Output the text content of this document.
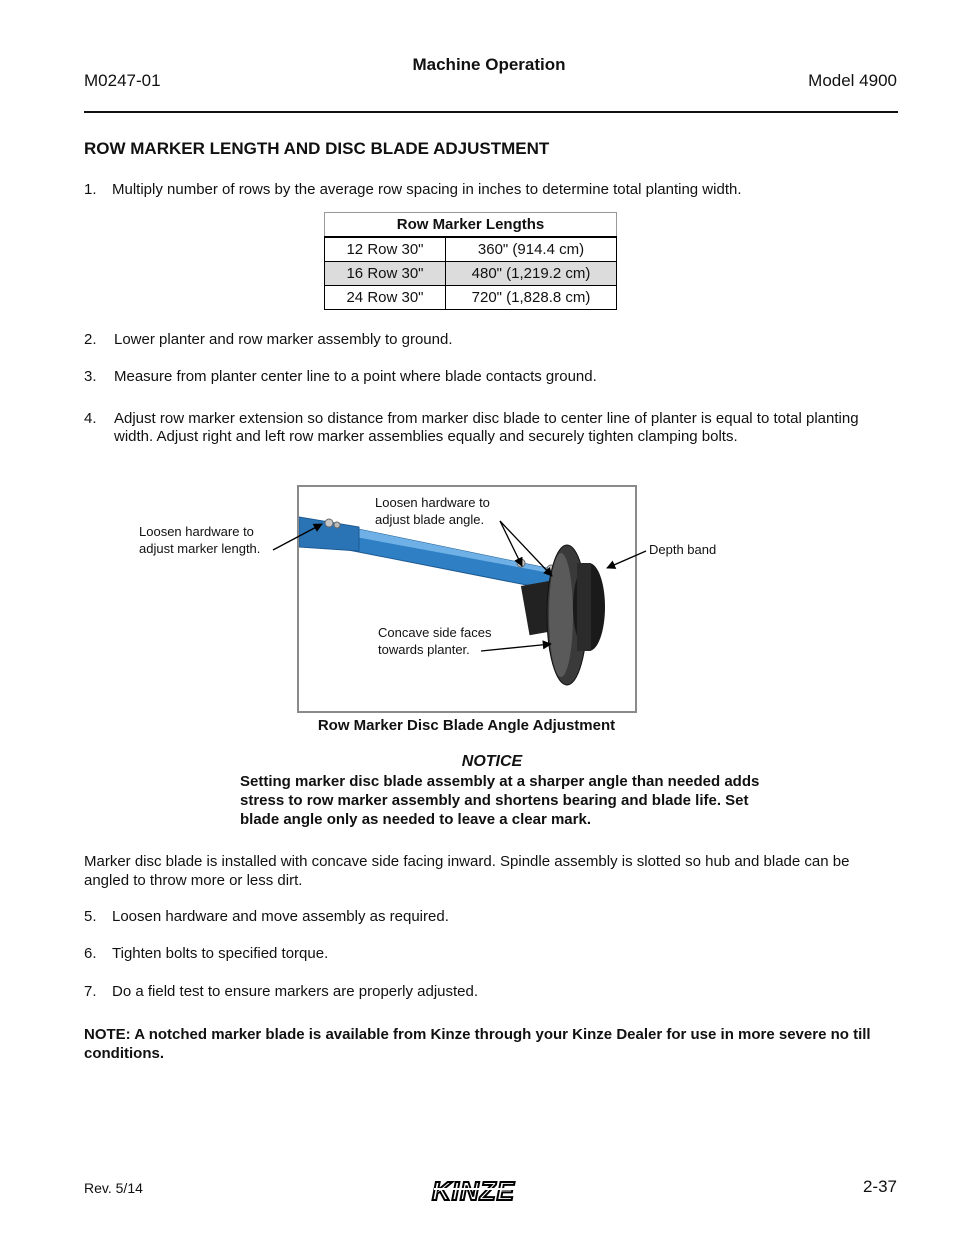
M0247-01
Machine Operation
Model 4900
ROW MARKER LENGTH AND DISC BLADE ADJUSTMENT
1. Multiply number of rows by the average row spacing in inches to determine total planting width.
Row Marker Lengths	
12 Row 30"	360" (914.4 cm)
16 Row 30"	480" (1,219.2 cm)
24 Row 30"	720" (1,828.8 cm)
2. Lower planter and row marker assembly to ground.
3. Measure from planter center line to a point where blade contacts ground.
4. Adjust row marker extension so distance from marker disc blade to center line of planter is equal to total planting width. Adjust right and left row marker assemblies equally and securely tighten clamping bolts.
Loosen hardware to adjust marker length.
Loosen hardware to adjust blade angle.
Depth band
Concave side faces towards planter.
Row Marker Disc Blade Angle Adjustment
NOTICE
Setting marker disc blade assembly at a sharper angle than needed adds stress to row marker assembly and shortens bearing and blade life. Set blade angle only as needed to leave a clear mark.
Marker disc blade is installed with concave side facing inward. Spindle assembly is slotted so hub and blade can be angled to throw more or less dirt.
5. Loosen hardware and move assembly as required.
6. Tighten bolts to specified torque.
7. Do a field test to ensure markers are properly adjusted.
NOTE: A notched marker blade is available from Kinze through your Kinze Dealer for use in more severe no till conditions.
Rev. 5/14	KINZE	2-37
